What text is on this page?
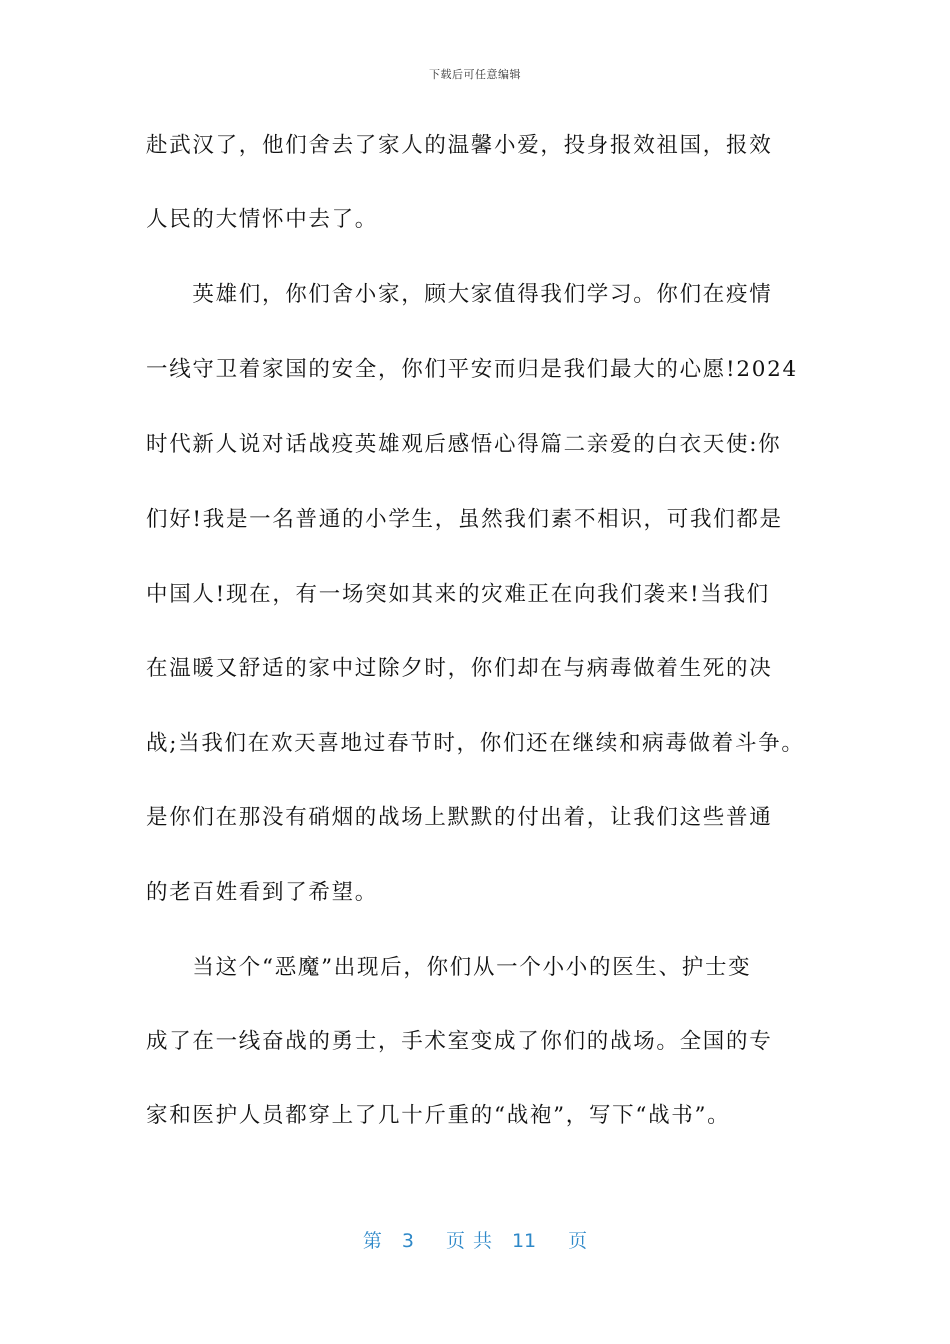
下载后可任意编辑
赴武汉了，他们舍去了家人的温馨小爱，投身报效祖国，报效
人民的大情怀中去了。
　　英雄们，你们舍小家，顾大家值得我们学习。你们在疫情
一线守卫着家国的安全，你们平安而归是我们最大的心愿!2024
时代新人说对话战疫英雄观后感悟心得篇二亲爱的白衣天使:你
们好!我是一名普通的小学生，虽然我们素不相识，可我们都是
中国人!现在，有一场突如其来的灾难正在向我们袭来!当我们
在温暖又舒适的家中过除夕时，你们却在与病毒做着生死的决
战;当我们在欢天喜地过春节时，你们还在继续和病毒做着斗争。
是你们在那没有硝烟的战场上默默的付出着，让我们这些普通
的老百姓看到了希望。
　　当这个“恶魔”出现后，你们从一个小小的医生、护士变
成了在一线奋战的勇士，手术室变成了你们的战场。全国的专
家和医护人员都穿上了几十斤重的“战袍”，写下“战书”。
第 3 页 共 11 页
